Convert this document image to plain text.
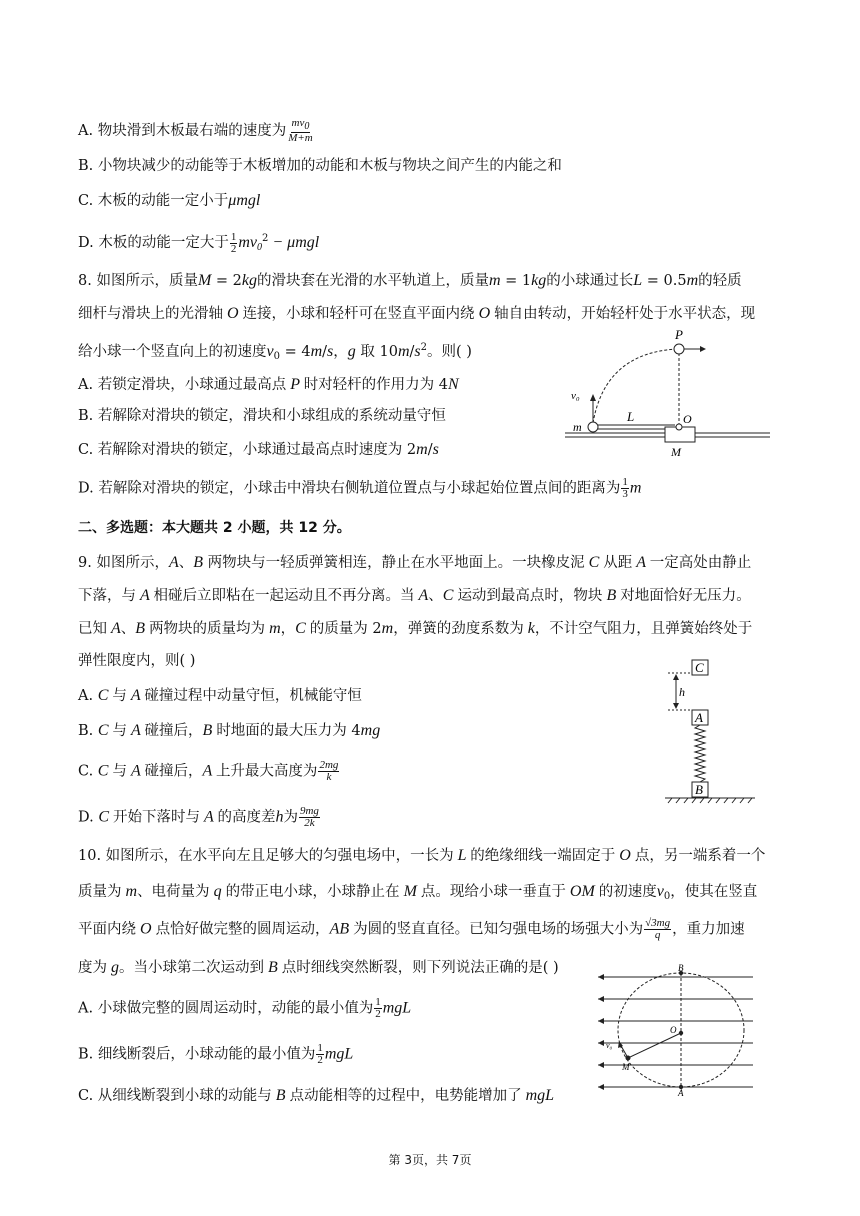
A. 物块滑到木板最右端的速度为 $\frac{mv0}{M+m}$
B. 小物块减少的动能等于木板增加的动能和木板与物块之间产生的内能之和
C. 木板的动能一定小于μmgl
D. 木板的动能一定大于 $\frac{1}{2} mv_0^2 - \mu mgl$
8. 如图所示，质量M = 2kg的滑块套在光滑的水平轨道上，质量m = 1kg的小球通过长L = 0.5m的轻质
细杆与滑块上的光滑轴 O 连接，小球和轻杆可在竖直平面内绕 O 轴自由转动，开始轻杆处于水平状态，现
给小球一个竖直向上的初速度$v_0 = 4m/s$，g 取 $10m/s^2$。则( )
A. 若锁定滑块，小球通过最高点 P 时对轻杆的作用力为 4N
B. 若解除对滑块的锁定，滑块和小球组成的系统动量守恒
C. 若解除对滑块的锁定，小球通过最高点时速度为 2m/s
D. 若解除对滑块的锁定，小球击中滑块右侧轨道位置点与小球起始位置点间的距离为 $\frac{1}{3}$ m
P
v₀
m
L	O
M
二、多选题：本大题共 2 小题，共 12 分。
9. 如图所示，A、B 两物块与一轻质弹簧相连，静止在水平地面上。一块橡皮泥 C 从距 A 一定高处由静止
下落，与 A 相碰后立即粘在一起运动且不再分离。当 A、C 运动到最高点时，物块 B 对地面恰好无压力。
已知 A、B 两物块的质量均为 m，C 的质量为 2m，弹簧的劲度系数为 k，不计空气阻力，且弹簧始终处于
弹性限度内，则( )
A. C 与 A 碰撞过程中动量守恒，机械能守恒
B. C 与 A 碰撞后，B 时地面的最大压力为 4mg
C. C 与 A 碰撞后，A 上升最大高度为 $\frac{2mg}{k}$
D. C 开始下落时与 A 的高度差h为 $\frac{9mg}{2k}$
C
h
A
B
10. 如图所示，在水平向左且足够大的匀强电场中，一长为 L 的绝缘细线一端固定于 O 点，另一端系着一个
质量为 m、电荷量为 q 的带正电小球，小球静止在 M 点。现给小球一垂直于 OM 的初速度$v_0$，使其在竖直
平面内绕 O 点恰好做完整的圆周运动，AB 为圆的竖直直径。已知匀强电场的场强大小为 $\frac{√3mg}{q}$ ，重力加速
度为 g。当小球第二次运动到 B 点时细线突然断裂，则下列说法正确的是( )
A. 小球做完整的圆周运动时，动能的最小值为 $\frac{1}{2}$ mgL
B. 细线断裂后，小球动能的最小值为 $\frac{1}{2}$ mgL
C. 从细线断裂到小球的动能与 B 点动能相等的过程中，电势能增加了 mgL
B
O
A
M
v₀
第 3页，共 7页
